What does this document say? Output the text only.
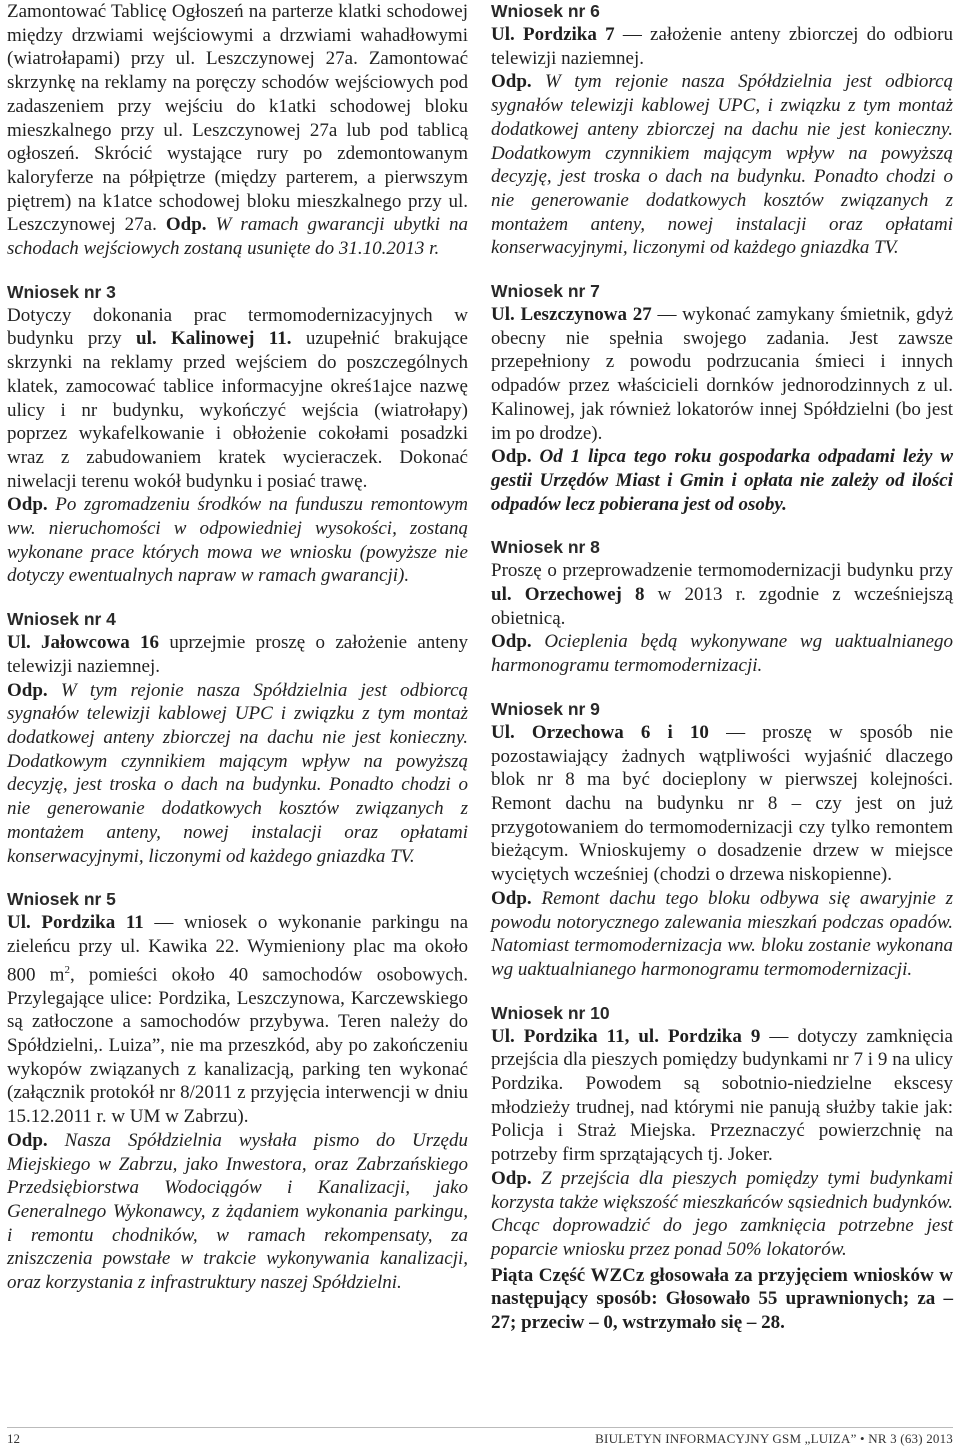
Zamontować Tablicę Ogłoszeń na parterze klatki schodowej między drzwiami wejściowymi a drzwiami wahadłowymi (wiatrołapami) przy ul. Leszczynowej 27a. Zamontować skrzynkę na reklamy na poręczy schodów wejściowych pod zadaszeniem przy wejściu do k1atki schodowej bloku mieszkalnego przy ul. Leszczynowej 27a lub pod tablicą ogłoszeń. Skrócić wystające rury po zdemontowanym kaloryferze na półpiętrze (między parterem, a pierwszym piętrem) na k1atce schodowej bloku mieszkalnego przy ul. Leszczynowej 27a. Odp. W ramach gwarancji ubytki na schodach wejściowych zostaną usunięte do 31.10.2013 r.

Wniosek nr 3

Dotyczy dokonania prac termomodernizacyjnych w budynku przy ul. Kalinowej 11. uzupełnić brakujące skrzynki na reklamy przed wejściem do poszczególnych klatek, zamocować tablice informacyjne okreś1ajce nazwę ulicy i nr budynku, wykończyć wejścia (wiatrołapy) poprzez wykafelkowanie i obłożenie cokołami posadzki wraz z zabudowaniem kratek wycieraczek. Dokonać niwelacji terenu wokół budynku i posiać trawę.

Odp. Po zgromadzeniu środków na funduszu remontowym ww. nieruchomości w odpowiedniej wysokości, zostaną wykonane prace których mowa we wniosku (powyższe nie dotyczy ewentualnych napraw w ramach gwarancji).

Wniosek nr 4

Ul. Jałowcowa 16 uprzejmie proszę o założenie anteny telewizji naziemnej.

Odp. W tym rejonie nasza Spółdzielnia jest odbiorcą sygnałów telewizji kablowej UPC i związku z tym montaż dodatkowej anteny zbiorczej na dachu nie jest konieczny. Dodatkowym czynnikiem mającym wpływ na powyższą decyzję, jest troska o dach na budynku. Ponadto chodzi o nie generowanie dodatkowych kosztów związanych z montażem anteny, nowej instalacji oraz opłatami konserwacyjnymi, liczonymi od każdego gniazdka TV.

Wniosek nr 5

Ul. Pordzika 11 — wniosek o wykonanie parkingu na zieleńcu przy ul. Kawika 22. Wymieniony plac ma około 800 $m^2$, pomieści około 40 samochodów osobowych. Przylegające ulice: Pordzika, Leszczynowa, Karczewskiego są zatłoczone a samochodów przybywa. Teren należy do Spółdzielni,. Luiza”, nie ma przeszkód, aby po zakończeniu wykopów związanych z kanalizacją, parking ten wykonać (załącznik protokół nr 8/2011 z przyjęcia interwencji w dniu 15.12.2011 r. w UM w Zabrzu).

Odp. Nasza Spółdzielnia wysłała pismo do Urzędu Miejskiego w Zabrzu, jako Inwestora, oraz Zabrzańskiego Przedsiębiorstwa Wodociągów i Kanalizacji, jako Generalnego Wykonawcy, z żądaniem wykonania parkingu, i remontu chodników, w ramach rekompensaty, za zniszczenia powstałe w trakcie wykonywania kanalizacji, oraz korzystania z infrastruktury naszej Spółdzielni.

Wniosek nr 6

Ul. Pordzika 7 — założenie anteny zbiorczej do odbioru telewizji naziemnej.

Odp. W tym rejonie nasza Spółdzielnia jest odbiorcą sygnałów telewizji kablowej UPC, i związku z tym montaż dodatkowej anteny zbiorczej na dachu nie jest konieczny. Dodatkowym czynnikiem mającym wpływ na powyższą decyzję, jest troska o dach na budynku. Ponadto chodzi o nie generowanie dodatkowych kosztów związanych z montażem anteny, nowej instalacji oraz opłatami konserwacyjnymi, liczonymi od każdego gniazdka TV.

Wniosek nr 7

Ul. Leszczynowa 27 — wykonać zamykany śmietnik, gdyż obecny nie spełnia swojego zadania. Jest zawsze przepełniony z powodu podrzucania śmieci i innych odpadów przez właścicieli dornków jednorodzinnych z ul. Kalinowej, jak również lokatorów innej Spółdzielni (bo jest im po drodze).

Odp. Od 1 lipca tego roku gospodarka odpadami leży w gestii Urzędów Miast i Gmin i opłata nie zależy od ilości odpadów lecz pobierana jest od osoby.

Wniosek nr 8

Proszę o przeprowadzenie termomodernizacji budynku przy ul. Orzechowej 8 w 2013 r. zgodnie z wcześniejszą obietnicą.

Odp. Ocieplenia będą wykonywane wg uaktualnianego harmonogramu termomodernizacji.

Wniosek nr 9

Ul. Orzechowa 6 i 10 — proszę w sposób nie pozostawiający żadnych wątpliwości wyjaśnić dlaczego blok nr 8 ma być docieplony w pierwszej kolejności. Remont dachu na budynku nr 8 – czy jest on już przygotowaniem do termomodernizacji czy tylko remontem bieżącym. Wnioskujemy o dosadzenie drzew w miejsce wyciętych wcześniej (chodzi o drzewa niskopienne).

Odp. Remont dachu tego bloku odbywa się awaryjnie z powodu notorycznego zalewania mieszkań podczas opadów. Natomiast termomodernizacja ww. bloku zostanie wykonana wg uaktualnianego harmonogramu termomodernizacji.

Wniosek nr 10

Ul. Pordzika 11, ul. Pordzika 9 — dotyczy zamknięcia przejścia dla pieszych pomiędzy budynkami nr 7 i 9 na ulicy Pordzika. Powodem są sobotnio-niedzielne ekscesy młodzieży trudnej, nad którymi nie panują służby takie jak: Policja i Straż Miejska. Przeznaczyć powierzchnię na potrzeby firm sprzątających tj. Joker.

Odp. Z przejścia dla pieszych pomiędzy tymi budynkami korzysta także większość mieszkańców sąsiednich budynków. Chcąc doprowadzić do jego zamknięcia potrzebne jest poparcie wniosku przez ponad 50% lokatorów.

Piąta Część WZCz głosowała za przyjęciem wniosków w następujący sposób: Głosowało 55 uprawnionych; za – 27; przeciw – 0, wstrzymało się – 28.

12	BIULETYN INFORMACYJNY GSM „LUIZA” • NR 3 (63) 2013
